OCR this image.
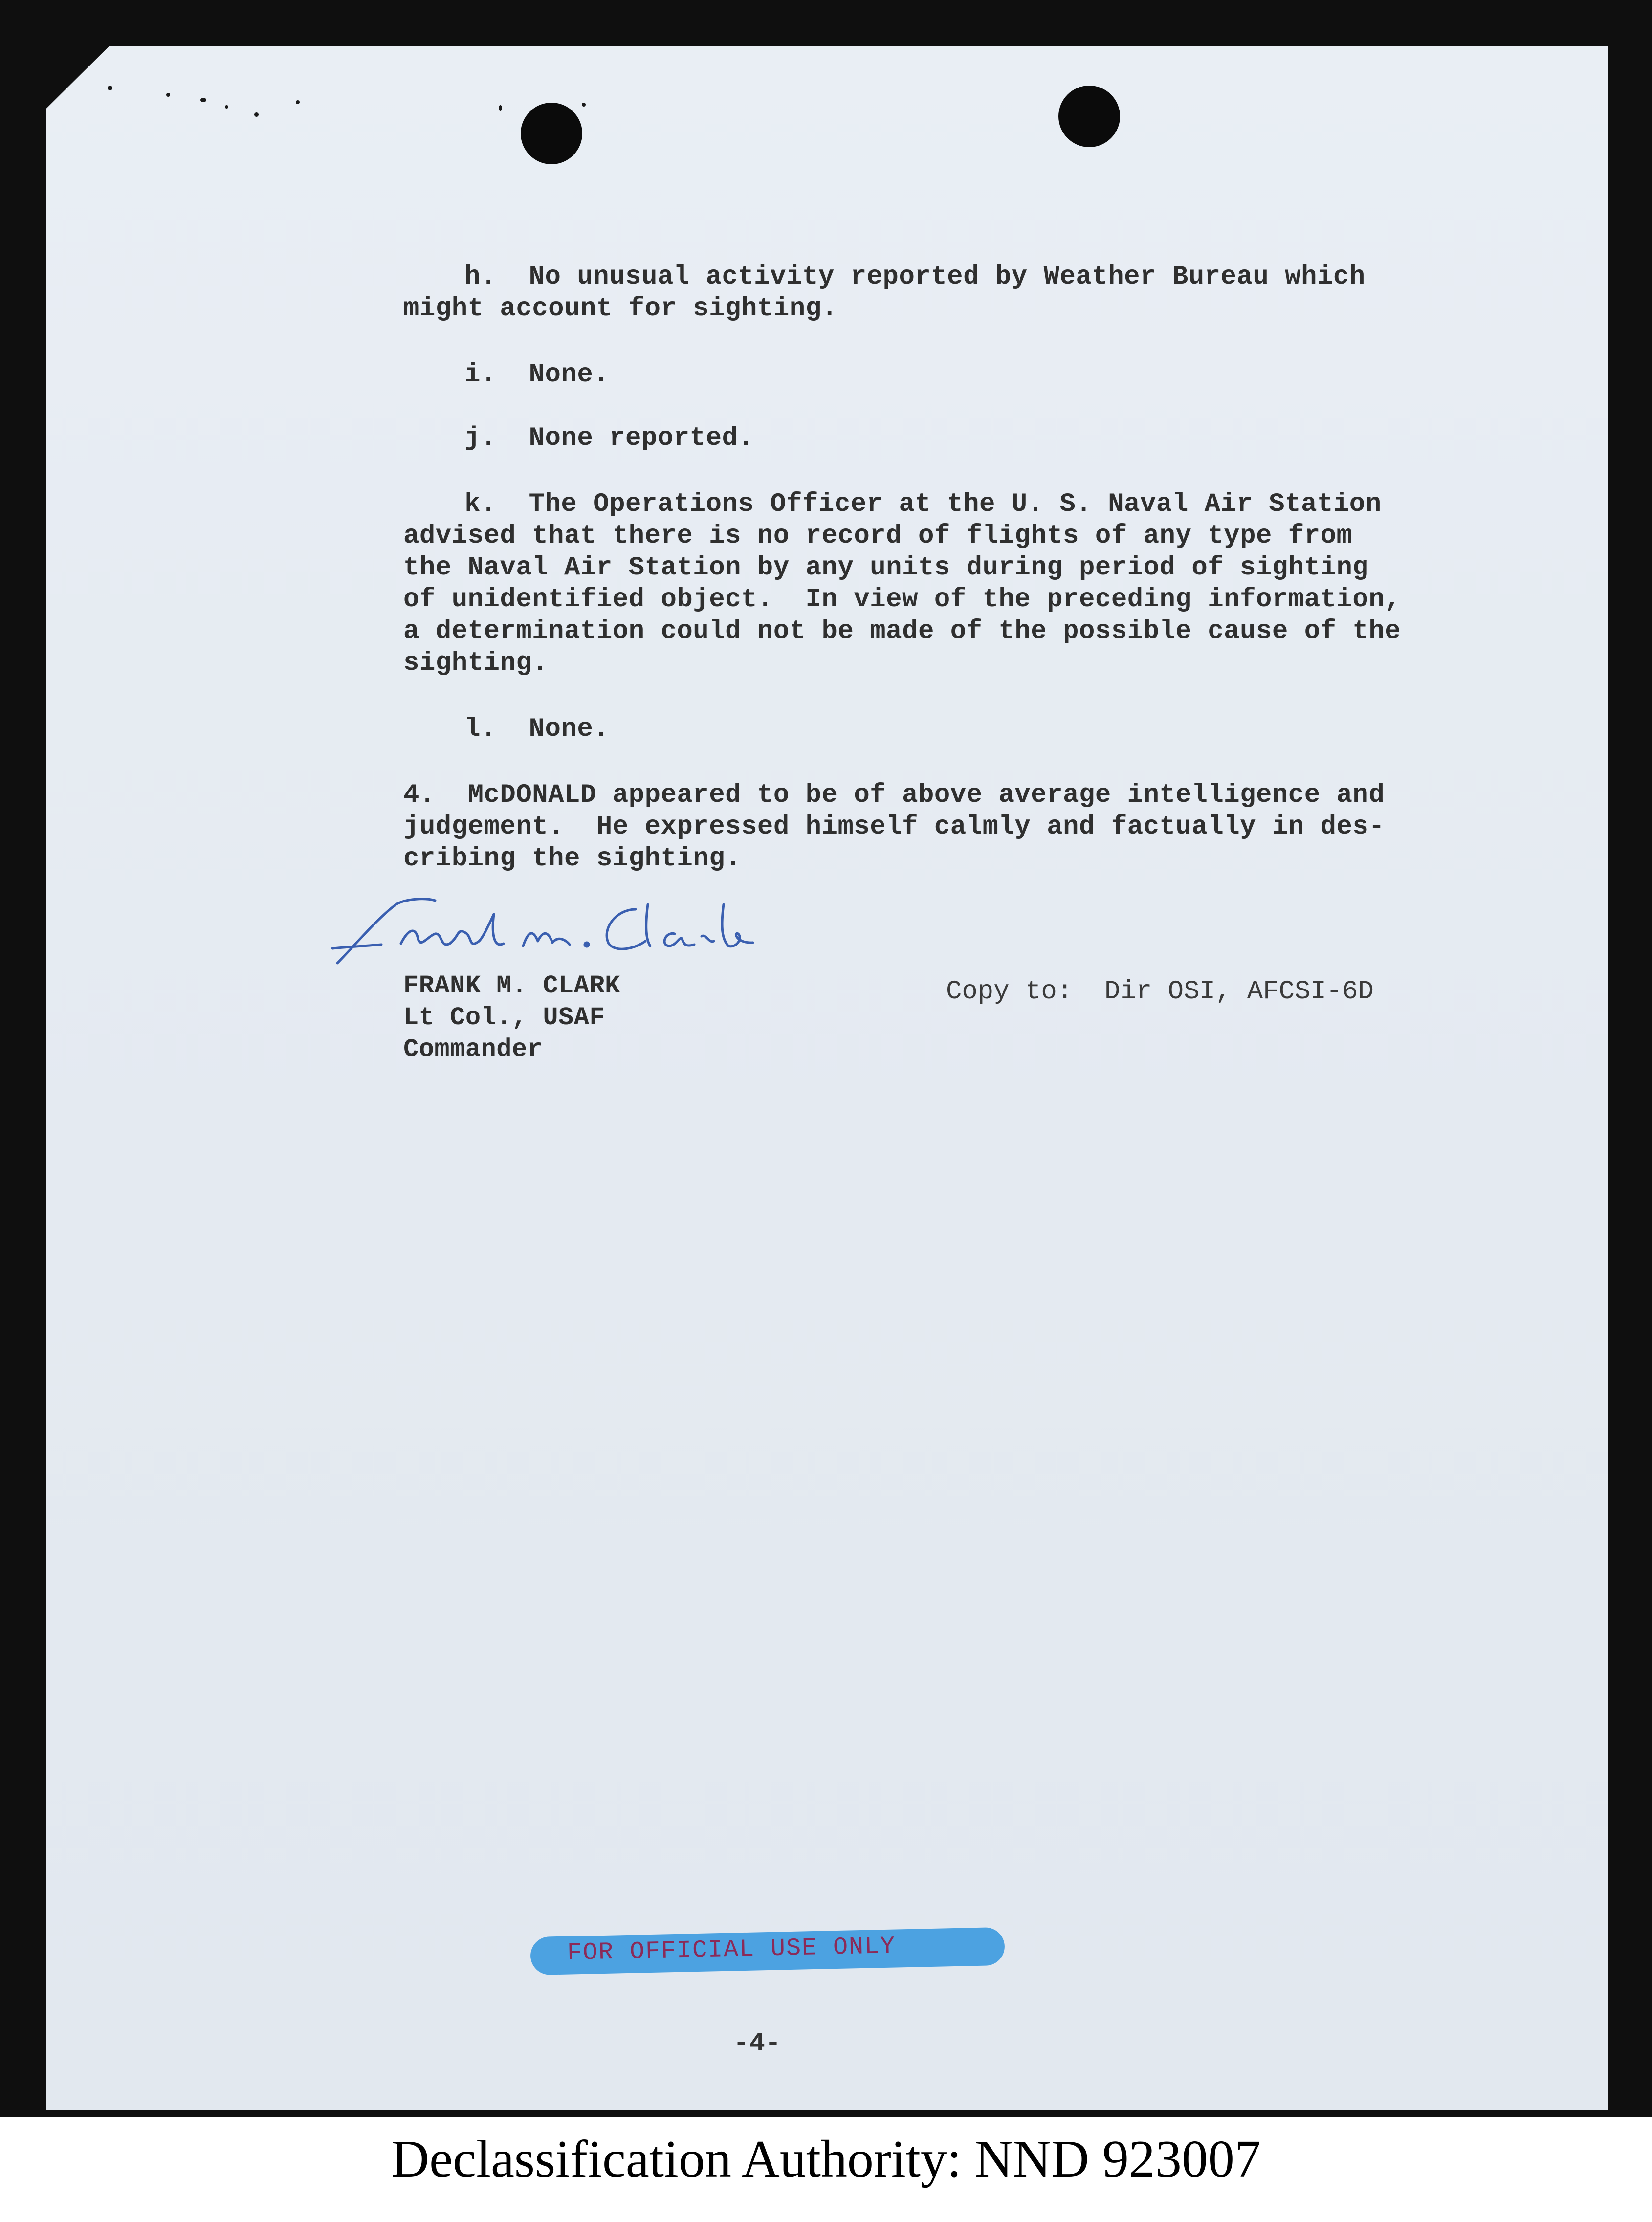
h.  No unusual activity reported by Weather Bureau which

might account for sighting.

i.  None.

j.  None reported.

k.  The Operations Officer at the U. S. Naval Air Station

advised that there is no record of flights of any type from

the Naval Air Station by any units during period of sighting

of unidentified object.  In view of the preceding information,

a determination could not be made of the possible cause of the

sighting.

l.  None.

4.  McDONALD appeared to be of above average intelligence and

judgement.  He expressed himself calmly and factually in des-

cribing the sighting.

FRANK M. CLARK

Lt Col., USAF

Commander

Copy to:  Dir OSI, AFCSI-6D
FOR OFFICIAL USE ONLY
-4-
Declassification Authority: NND 923007
